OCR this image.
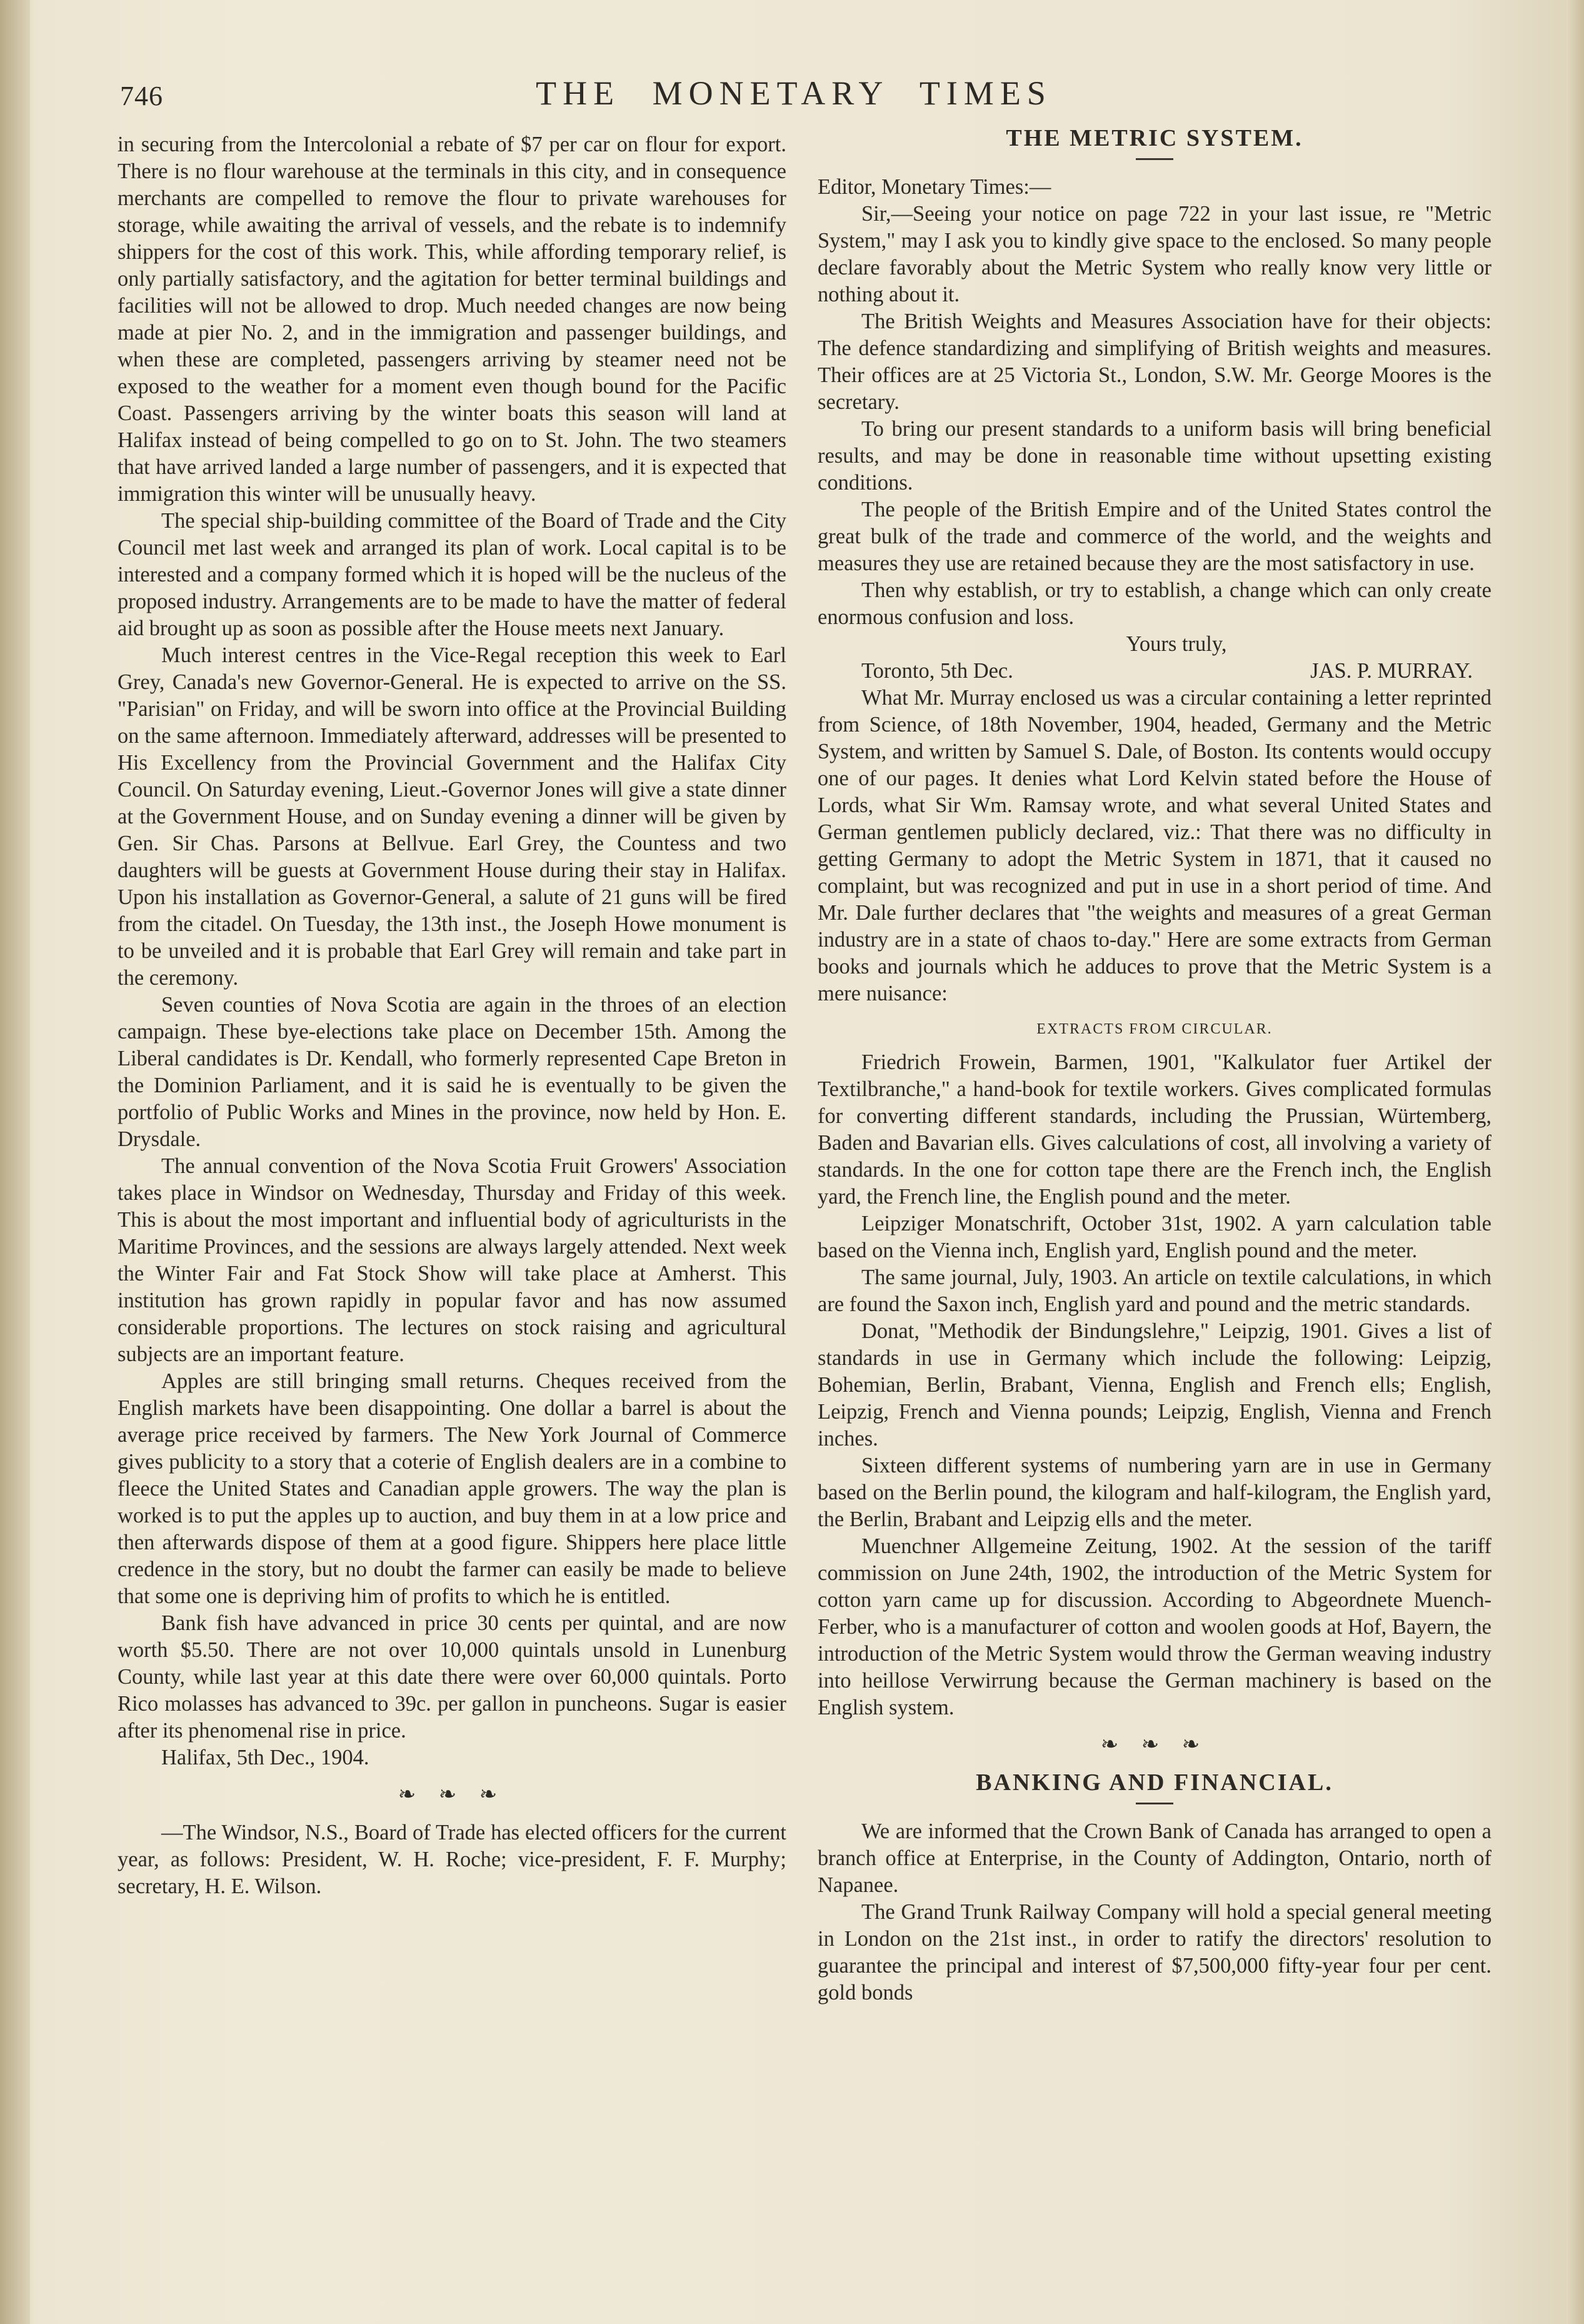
746	THE MONETARY TIMES

in securing from the Intercolonial a rebate of $7 per car on flour for export. There is no flour warehouse at the terminals in this city, and in consequence merchants are compelled to remove the flour to private warehouses for storage, while awaiting the arrival of vessels, and the rebate is to indemnify shippers for the cost of this work. This, while affording temporary relief, is only partially satisfactory, and the agitation for better terminal buildings and facilities will not be allowed to drop. Much needed changes are now being made at pier No. 2, and in the immigration and passenger buildings, and when these are completed, passengers arriving by steamer need not be exposed to the weather for a moment even though bound for the Pacific Coast. Passengers arriving by the winter boats this season will land at Halifax instead of being compelled to go on to St. John. The two steamers that have arrived landed a large number of passengers, and it is expected that immigration this winter will be unusually heavy.

The special ship-building committee of the Board of Trade and the City Council met last week and arranged its plan of work. Local capital is to be interested and a company formed which it is hoped will be the nucleus of the proposed industry. Arrangements are to be made to have the matter of federal aid brought up as soon as possible after the House meets next January.

Much interest centres in the Vice-Regal reception this week to Earl Grey, Canada's new Governor-General. He is expected to arrive on the SS. "Parisian" on Friday, and will be sworn into office at the Provincial Building on the same afternoon. Immediately afterward, addresses will be presented to His Excellency from the Provincial Government and the Halifax City Council. On Saturday evening, Lieut.-Governor Jones will give a state dinner at the Government House, and on Sunday evening a dinner will be given by Gen. Sir Chas. Parsons at Bellvue. Earl Grey, the Countess and two daughters will be guests at Government House during their stay in Halifax. Upon his installation as Governor-General, a salute of 21 guns will be fired from the citadel. On Tuesday, the 13th inst., the Joseph Howe monument is to be unveiled and it is probable that Earl Grey will remain and take part in the ceremony.

Seven counties of Nova Scotia are again in the throes of an election campaign. These bye-elections take place on December 15th. Among the Liberal candidates is Dr. Kendall, who formerly represented Cape Breton in the Dominion Parliament, and it is said he is eventually to be given the portfolio of Public Works and Mines in the province, now held by Hon. E. Drysdale.

The annual convention of the Nova Scotia Fruit Growers' Association takes place in Windsor on Wednesday, Thursday and Friday of this week. This is about the most important and influential body of agriculturists in the Maritime Provinces, and the sessions are always largely attended. Next week the Winter Fair and Fat Stock Show will take place at Amherst. This institution has grown rapidly in popular favor and has now assumed considerable proportions. The lectures on stock raising and agricultural subjects are an important feature.

Apples are still bringing small returns. Cheques received from the English markets have been disappointing. One dollar a barrel is about the average price received by farmers. The New York Journal of Commerce gives publicity to a story that a coterie of English dealers are in a combine to fleece the United States and Canadian apple growers. The way the plan is worked is to put the apples up to auction, and buy them in at a low price and then afterwards dispose of them at a good figure. Shippers here place little credence in the story, but no doubt the farmer can easily be made to believe that some one is depriving him of profits to which he is entitled.

Bank fish have advanced in price 30 cents per quintal, and are now worth $5.50. There are not over 10,000 quintals unsold in Lunenburg County, while last year at this date there were over 60,000 quintals. Porto Rico molasses has advanced to 39c. per gallon in puncheons. Sugar is easier after its phenomenal rise in price.

Halifax, 5th Dec., 1904.

❧ ❧ ❧

—The Windsor, N.S., Board of Trade has elected officers for the current year, as follows: President, W. H. Roche; vice-president, F. F. Murphy; secretary, H. E. Wilson.

THE METRIC SYSTEM.

Editor, Monetary Times:—

Sir,—Seeing your notice on page 722 in your last issue, re "Metric System," may I ask you to kindly give space to the enclosed. So many people declare favorably about the Metric System who really know very little or nothing about it.

The British Weights and Measures Association have for their objects: The defence standardizing and simplifying of British weights and measures. Their offices are at 25 Victoria St., London, S.W. Mr. George Moores is the secretary.

To bring our present standards to a uniform basis will bring beneficial results, and may be done in reasonable time without upsetting existing conditions.

The people of the British Empire and of the United States control the great bulk of the trade and commerce of the world, and the weights and measures they use are retained because they are the most satisfactory in use.

Then why establish, or try to establish, a change which can only create enormous confusion and loss.

Yours truly,

Toronto, 5th Dec.	JAS. P. MURRAY.

What Mr. Murray enclosed us was a circular containing a letter reprinted from Science, of 18th November, 1904, headed, Germany and the Metric System, and written by Samuel S. Dale, of Boston. Its contents would occupy one of our pages. It denies what Lord Kelvin stated before the House of Lords, what Sir Wm. Ramsay wrote, and what several United States and German gentlemen publicly declared, viz.: That there was no difficulty in getting Germany to adopt the Metric System in 1871, that it caused no complaint, but was recognized and put in use in a short period of time. And Mr. Dale further declares that "the weights and measures of a great German industry are in a state of chaos to-day." Here are some extracts from German books and journals which he adduces to prove that the Metric System is a mere nuisance:

EXTRACTS FROM CIRCULAR.

Friedrich Frowein, Barmen, 1901, "Kalkulator fuer Artikel der Textilbranche," a hand-book for textile workers. Gives complicated formulas for converting different standards, including the Prussian, Würtemberg, Baden and Bavarian ells. Gives calculations of cost, all involving a variety of standards. In the one for cotton tape there are the French inch, the English yard, the French line, the English pound and the meter.

Leipziger Monatschrift, October 31st, 1902. A yarn calculation table based on the Vienna inch, English yard, English pound and the meter.

The same journal, July, 1903. An article on textile calculations, in which are found the Saxon inch, English yard and pound and the metric standards.

Donat, "Methodik der Bindungslehre," Leipzig, 1901. Gives a list of standards in use in Germany which include the following: Leipzig, Bohemian, Berlin, Brabant, Vienna, English and French ells; English, Leipzig, French and Vienna pounds; Leipzig, English, Vienna and French inches.

Sixteen different systems of numbering yarn are in use in Germany based on the Berlin pound, the kilogram and half-kilogram, the English yard, the Berlin, Brabant and Leipzig ells and the meter.

Muenchner Allgemeine Zeitung, 1902. At the session of the tariff commission on June 24th, 1902, the introduction of the Metric System for cotton yarn came up for discussion. According to Abgeordnete Muench-Ferber, who is a manufacturer of cotton and woolen goods at Hof, Bayern, the introduction of the Metric System would throw the German weaving industry into heillose Verwirrung because the German machinery is based on the English system.

❧ ❧ ❧
BANKING AND FINANCIAL.

We are informed that the Crown Bank of Canada has arranged to open a branch office at Enterprise, in the County of Addington, Ontario, north of Napanee.

The Grand Trunk Railway Company will hold a special general meeting in London on the 21st inst., in order to ratify the directors' resolution to guarantee the principal and interest of $7,500,000 fifty-year four per cent. gold bonds
